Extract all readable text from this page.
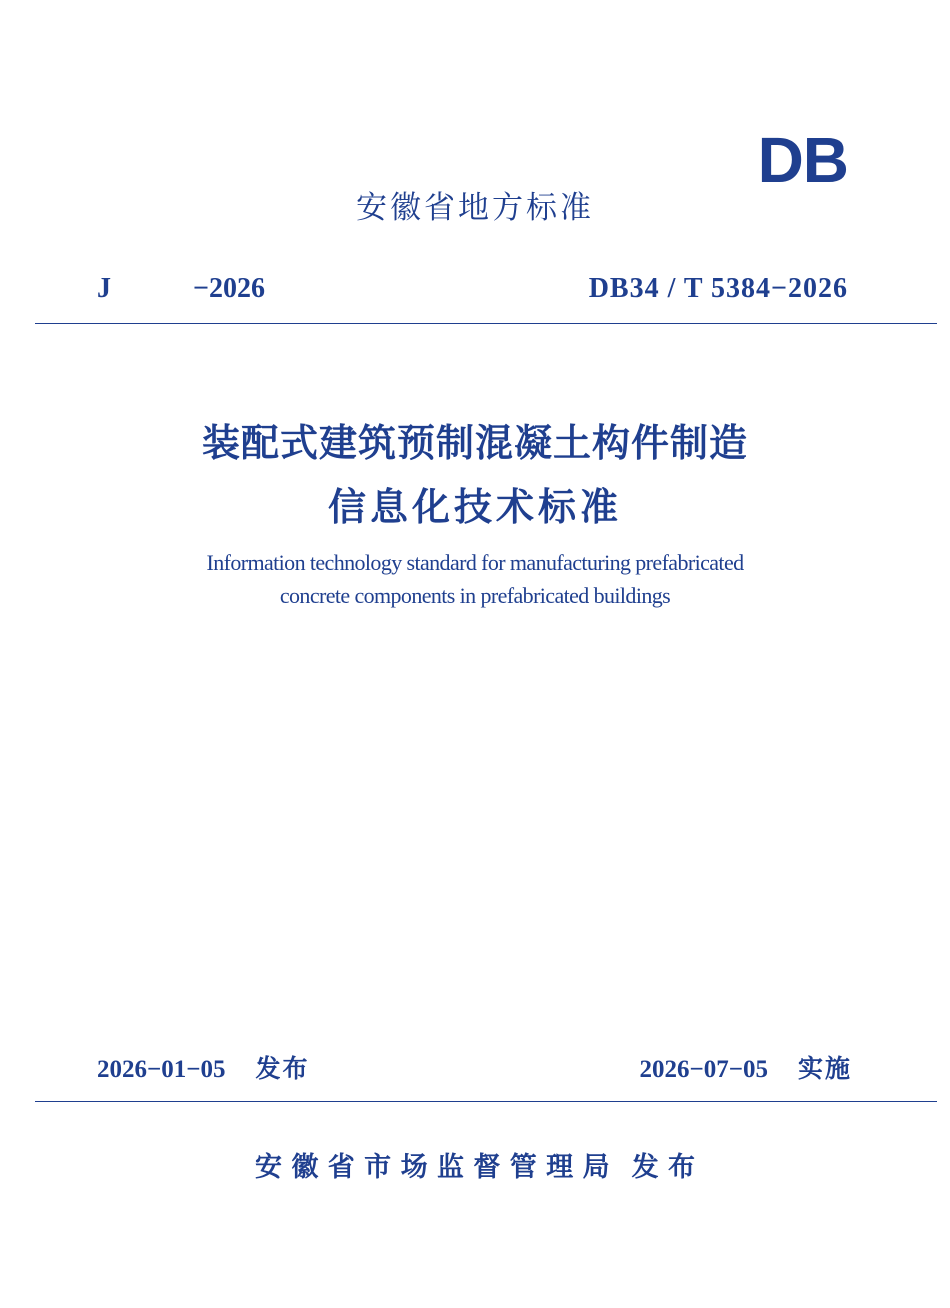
DB
安徽省地方标准
J	−2026	DB34 / T 5384−2026
装配式建筑预制混凝土构件制造
信息化技术标准
Information technology standard for manufacturing prefabricated
concrete components in prefabricated buildings
2026−01−05 发布	2026−07−05 实施
安 徽 省 市 场 监 督 管 理 局 发 布
